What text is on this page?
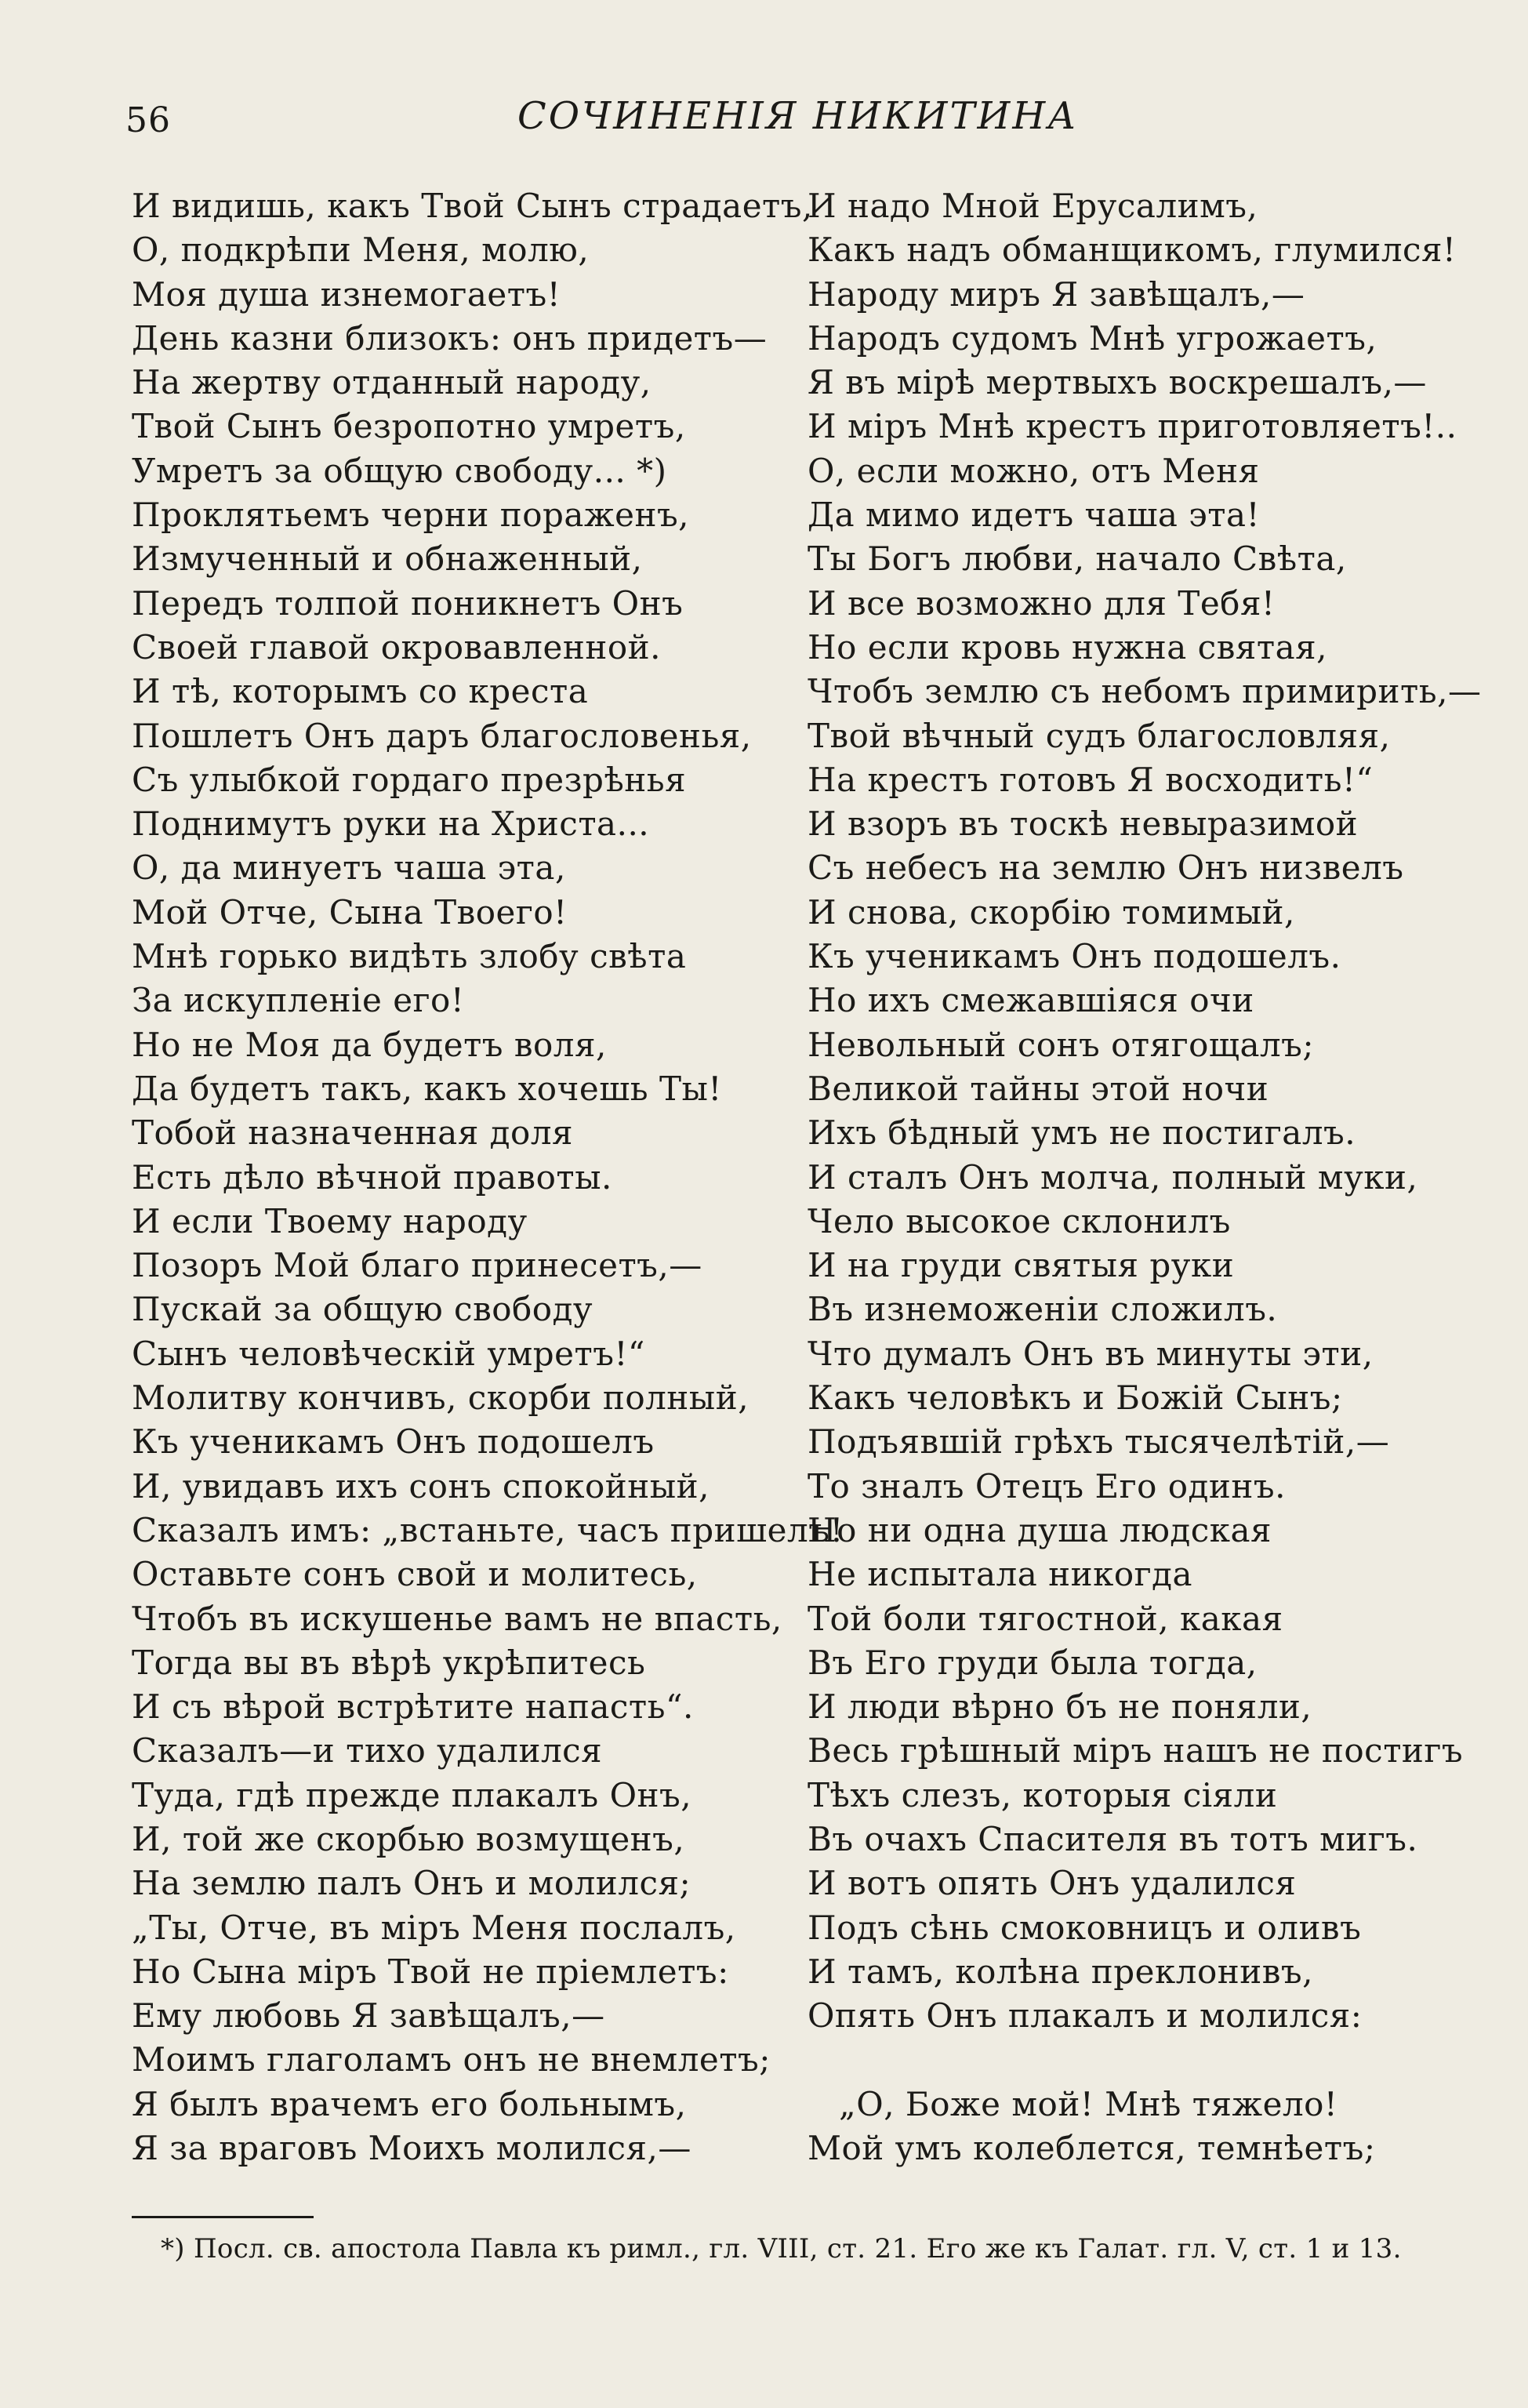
56	СОЧИНЕНІЯ НИКИТИНА
И видишь, какъ Твой Сынъ страдаетъ,
О, подкрѣпи Меня, молю,
Моя душа изнемогаетъ!
День казни близокъ: онъ придетъ—
На жертву отданный народу,
Твой Сынъ безропотно умретъ,
Умретъ за общую свободу... *)
Проклятьемъ черни пораженъ,
Измученный и обнаженный,
Передъ толпой поникнетъ Онъ
Своей главой окровавленной.
И тѣ, которымъ со креста
Пошлетъ Онъ даръ благословенья,
Съ улыбкой гордаго презрѣнья
Поднимутъ руки на Христа...
О, да минуетъ чаша эта,
Мой Отче, Сына Твоего!
Мнѣ горько видѣть злобу свѣта
За искупленіе его!
Но не Моя да будетъ воля,
Да будетъ такъ, какъ хочешь Ты!
Тобой назначенная доля
Есть дѣло вѣчной правоты.
И если Твоему народу
Позоръ Мой благо принесетъ,—
Пускай за общую свободу
Сынъ человѣческій умретъ!“
Молитву кончивъ, скорби полный,
Къ ученикамъ Онъ подошелъ
И, увидавъ ихъ сонъ спокойный,
Сказалъ имъ: „встаньте, часъ пришелъ!
Оставьте сонъ свой и молитесь,
Чтобъ въ искушенье вамъ не впасть,
Тогда вы въ вѣрѣ укрѣпитесь
И съ вѣрой встрѣтите напасть“.
Сказалъ—и тихо удалился
Туда, гдѣ прежде плакалъ Онъ,
И, той же скорбью возмущенъ,
На землю палъ Онъ и молился;
„Ты, Отче, въ міръ Меня послалъ,
Но Сына міръ Твой не пріемлетъ:
Ему любовь Я завѣщалъ,—
Моимъ глаголамъ онъ не внемлетъ;
Я былъ врачемъ его больнымъ,
Я за враговъ Моихъ молился,—
И надо Мной Ерусалимъ,
Какъ надъ обманщикомъ, глумился!
Народу миръ Я завѣщалъ,—
Народъ судомъ Мнѣ угрожаетъ,
Я въ мірѣ мертвыхъ воскрешалъ,—
И міръ Мнѣ крестъ приготовляетъ!..
О, если можно, отъ Меня
Да мимо идетъ чаша эта!
Ты Богъ любви, начало Свѣта,
И все возможно для Тебя!
Но если кровь нужна святая,
Чтобъ землю съ небомъ примирить,—
Твой вѣчный судъ благословляя,
На крестъ готовъ Я восходить!“
И взоръ въ тоскѣ невыразимой
Съ небесъ на землю Онъ низвелъ
И снова, скорбію томимый,
Къ ученикамъ Онъ подошелъ.
Но ихъ смежавшіяся очи
Невольный сонъ отягощалъ;
Великой тайны этой ночи
Ихъ бѣдный умъ не постигалъ.
И сталъ Онъ молча, полный муки,
Чело высокое склонилъ
И на груди святыя руки
Въ изнеможеніи сложилъ.
Что думалъ Онъ въ минуты эти,
Какъ человѣкъ и Божій Сынъ;
Подъявшій грѣхъ тысячелѣтій,—
То зналъ Отецъ Его одинъ.
Но ни одна душа людская
Не испытала никогда
Той боли тягостной, какая
Въ Его груди была тогда,
И люди вѣрно бъ не поняли,
Весь грѣшный міръ нашъ не постигъ
Тѣхъ слезъ, которыя сіяли
Въ очахъ Спасителя въ тотъ мигъ.
И вотъ опять Онъ удалился
Подъ сѣнь смоковницъ и оливъ
И тамъ, колѣна преклонивъ,
Опять Онъ плакалъ и молился:
„О, Боже мой! Мнѣ тяжело!
Мой умъ колеблется, темнѣетъ;
*) Посл. св. апостола Павла къ римл., гл. VIII, ст. 21. Его же къ Галат. гл. V, ст. 1 и 13.
